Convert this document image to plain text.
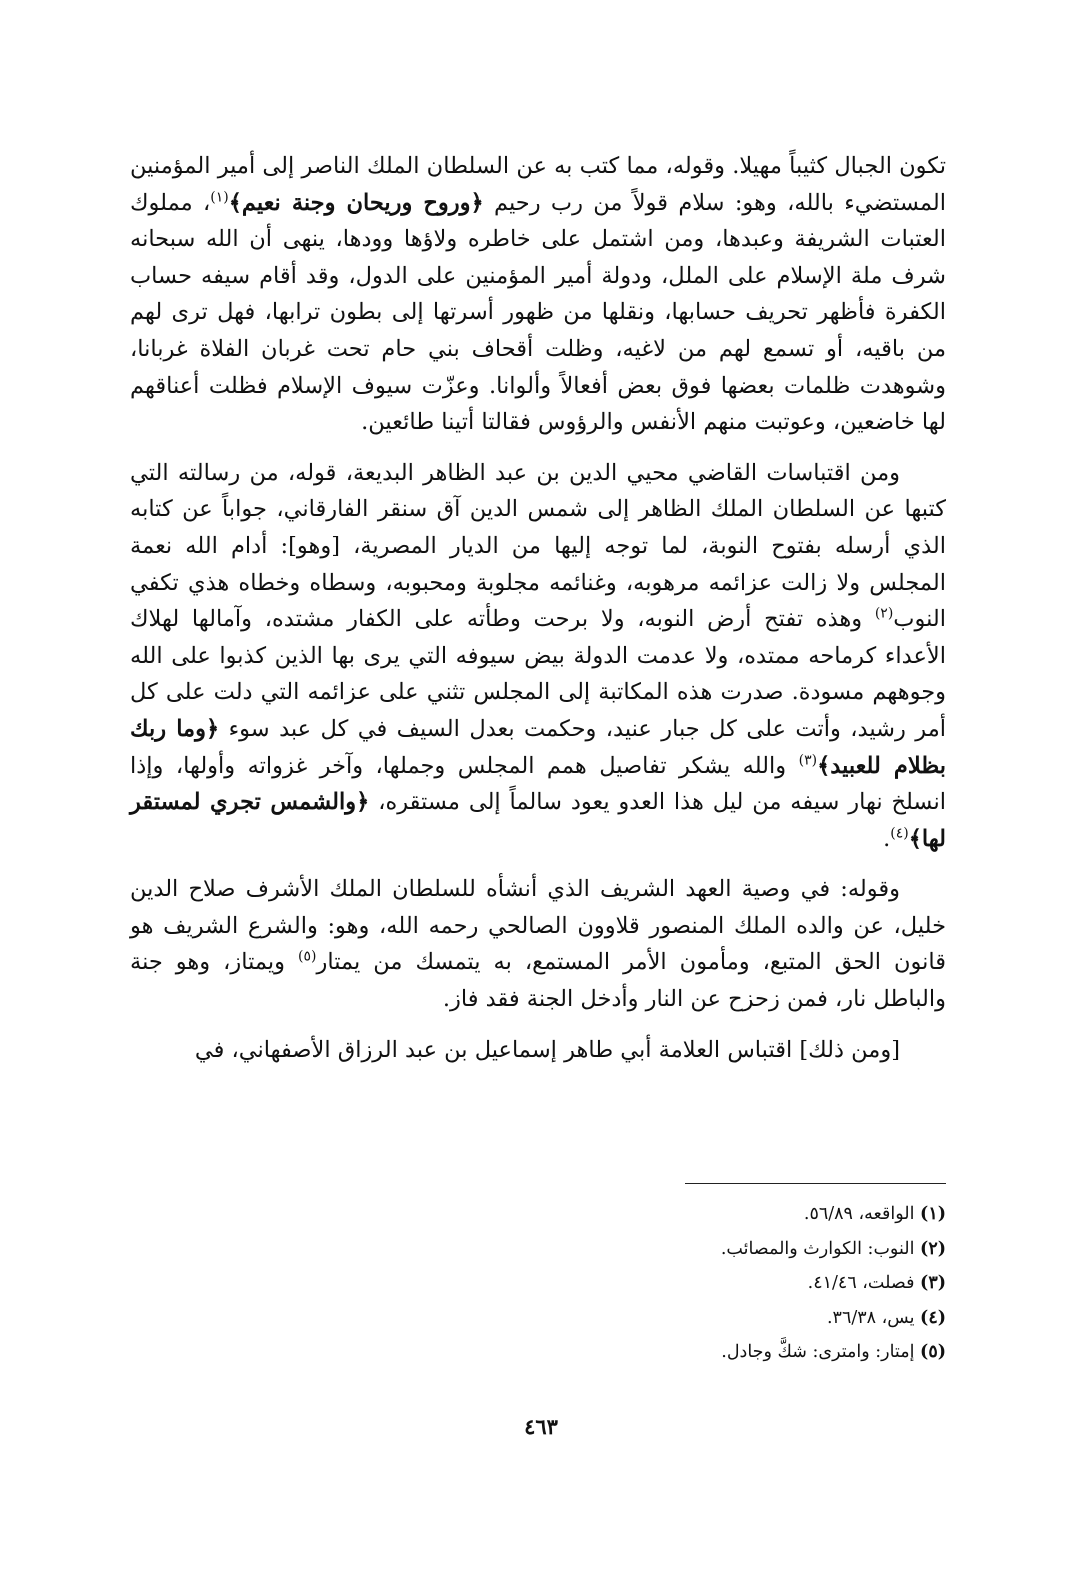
تكون الجبال كثيباً مهيلا. وقوله، مما كتب به عن السلطان الملك الناصر إلى أمير المؤمنين المستضيء بالله، وهو: سلام قولاً من رب رحيم ﴿وروح وريحان وجنة نعيم﴾$^{(١)}$، مملوك العتبات الشريفة وعبدها، ومن اشتمل على خاطره ولاؤها وودها، ينهى أن الله سبحانه شرف ملة الإسلام على الملل، ودولة أمير المؤمنين على الدول، وقد أقام سيفه حساب الكفرة فأظهر تحريف حسابها، ونقلها من ظهور أسرتها إلى بطون ترابها، فهل ترى لهم من باقيه، أو تسمع لهم من لاغيه، وظلت أقحاف بني حام تحت غربان الفلاة غربانا، وشوهدت ظلمات بعضها فوق بعض أفعالاً وألوانا. وعزّت سيوف الإسلام فظلت أعناقهم لها خاضعين، وعوتبت منهم الأنفس والرؤوس فقالتا أتينا طائعين.

ومن اقتباسات القاضي محيي الدين بن عبد الظاهر البديعة، قوله، من رسالته التي كتبها عن السلطان الملك الظاهر إلى شمس الدين آق سنقر الفارقاني، جواباً عن كتابه الذي أرسله بفتوح النوبة، لما توجه إليها من الديار المصرية، [وهو]: أدام الله نعمة المجلس ولا زالت عزائمه مرهوبه، وغنائمه مجلوبة ومحبوبه، وسطاه وخطاه هذي تكفي النوب$^{(٢)}$ وهذه تفتح أرض النوبه، ولا برحت وطأته على الكفار مشتده، وآمالها لهلاك الأعداء كرماحه ممتده، ولا عدمت الدولة بيض سيوفه التي يرى بها الذين كذبوا على الله وجوههم مسودة. صدرت هذه المكاتبة إلى المجلس تثني على عزائمه التي دلت على كل أمر رشيد، وأتت على كل جبار عنيد، وحكمت بعدل السيف في كل عبد سوء ﴿وما ربك بظلام للعبيد﴾$^{(٣)}$ والله يشكر تفاصيل همم المجلس وجملها، وآخر غزواته وأولها، وإذا انسلخ نهار سيفه من ليل هذا العدو يعود سالماً إلى مستقره، ﴿والشمس تجري لمستقر لها﴾$^{(٤)}$.

وقوله: في وصية العهد الشريف الذي أنشأه للسلطان الملك الأشرف صلاح الدين خليل، عن والده الملك المنصور قلاوون الصالحي رحمه الله، وهو: والشرع الشريف هو قانون الحق المتبع، ومأمون الأمر المستمع، به يتمسك من يمتار$^{(٥)}$ ويمتاز، وهو جنة والباطل نار، فمن زحزح عن النار وأدخل الجنة فقد فاز.

[ومن ذلك] اقتباس العلامة أبي طاهر إسماعيل بن عبد الرزاق الأصفهاني، في

(١) الواقعه، ٥٦/٨٩.

(٢) النوب: الكوارث والمصائب.

(٣) فصلت، ٤١/٤٦.

(٤) يس، ٣٦/٣٨.

(٥) إمتار: وامترى: شكَّ وجادل.

٤٦٣
